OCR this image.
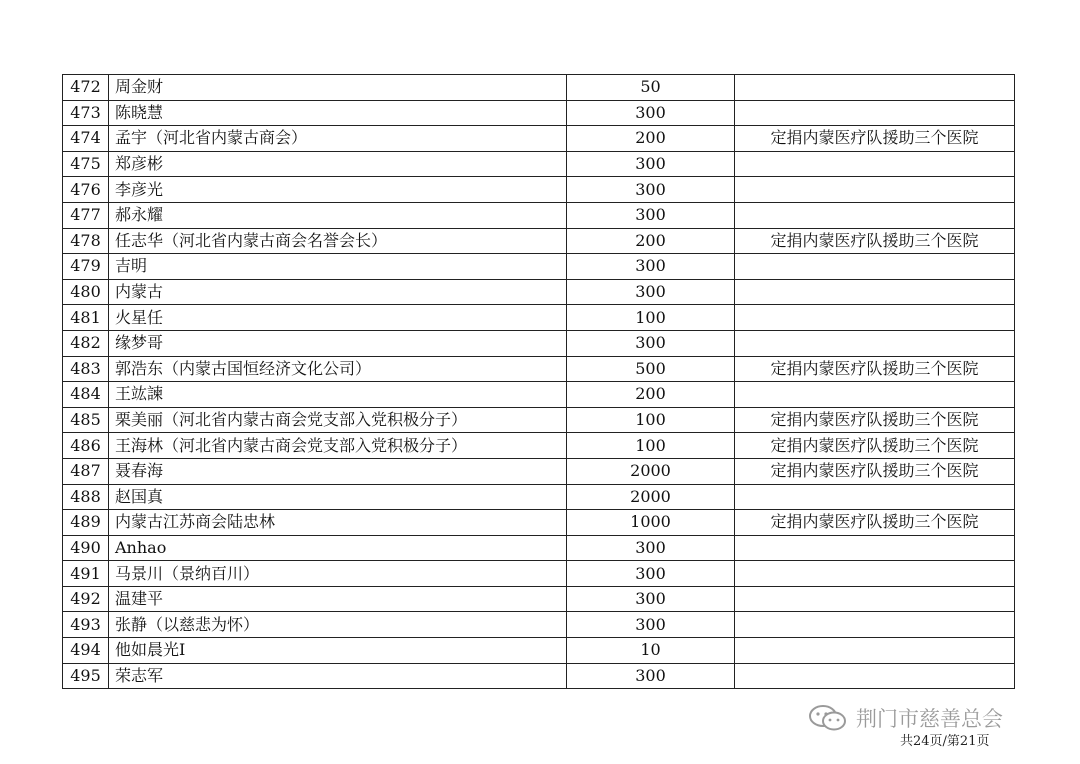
472	周金财	50	
473	陈晓慧	300	
474	孟宇（河北省内蒙古商会）	200	定捐内蒙医疗队援助三个医院
475	郑彦彬	300	
476	李彦光	300	
477	郝永耀	300	
478	任志华（河北省内蒙古商会名誉会长）	200	定捐内蒙医疗队援助三个医院
479	吉明	300	
480	内蒙古	300	
481	火星任	100	
482	缘梦哥	300	
483	郭浩东（内蒙古国恒经济文化公司）	500	定捐内蒙医疗队援助三个医院
484	王竑諫	200	
485	栗美丽（河北省内蒙古商会党支部入党积极分子）	100	定捐内蒙医疗队援助三个医院
486	王海林（河北省内蒙古商会党支部入党积极分子）	100	定捐内蒙医疗队援助三个医院
487	聂春海	2000	定捐内蒙医疗队援助三个医院
488	赵国真	2000	
489	内蒙古江苏商会陆忠林	1000	定捐内蒙医疗队援助三个医院
490	Anhao	300	
491	马景川（景纳百川）	300	
492	温建平	300	
493	张静（以慈悲为怀）	300	
494	他如晨光I	10	
495	荣志军	300	
荆门市慈善总会
共24页/第21页
